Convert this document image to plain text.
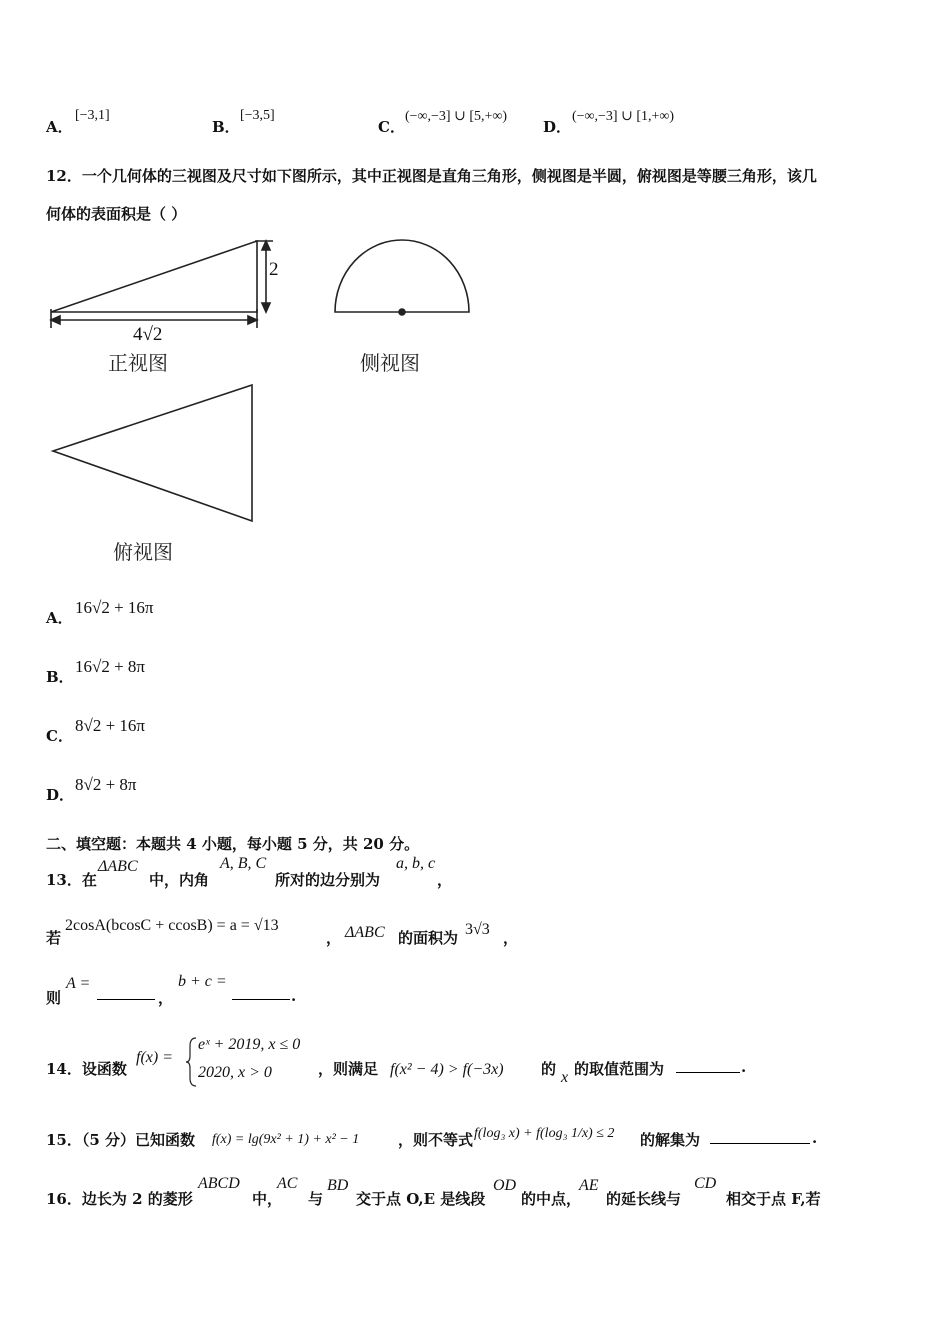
A．
[−3,1]
B．
[−3,5]
C．
(−∞,−3] ∪ [5,+∞)
D．
(−∞,−3] ∪ [1,+∞)
12．一个几何体的三视图及尺寸如下图所示，其中正视图是直角三角形，侧视图是半圆，俯视图是等腰三角形，该几
何体的表面积是（ ）
2
4√2
正视图	侧视图
俯视图
A．
16√2 + 16π
B．
16√2 + 8π
C．
8√2 + 16π
D．
8√2 + 8π
二、填空题：本题共 4 小题，每小题 5 分，共 20 分。
13．在
ΔABC
中，内角
A, B, C
所对的边分别为
a, b, c
，
若
2cosA(bcosC + ccosB) = a = √13
， ΔABC 的面积为 3√3 ，
则
A =
，
b + c =
.
14．设函数
f(x) =
eˣ + 2019, x ≤ 0
2020, x > 0	，则满足 f(x² − 4) > f(−3x) 的 x 的取值范围为	.
15．（5 分）已知函数 f(x) = lg(9x² + 1) + x² − 1	，则不等式 f(log₃ x) + f(log₃ 1/x) ≤ 2 的解集为	.
16．边长为 2 的菱形
ABCD
中，
AC
与
BD
交于点 O,E 是线段
OD
的中点，
AE
的延长线与
CD
相交于点 F,若
